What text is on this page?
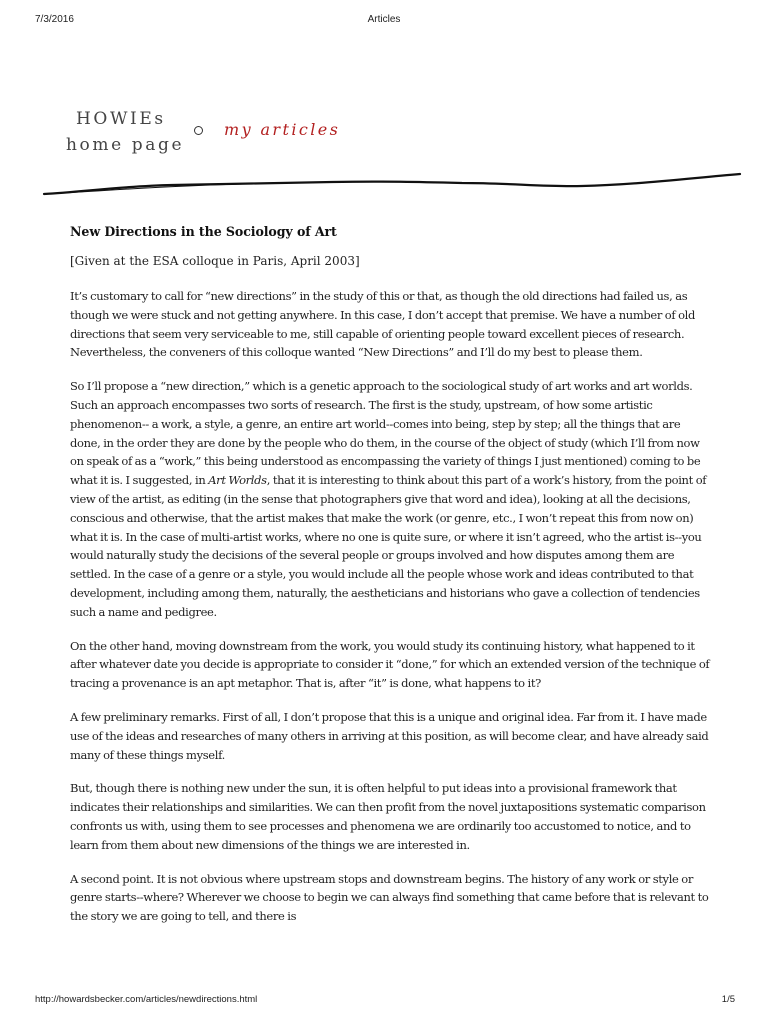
7/3/2016	Articles
HOWIEs
home page
my articles
New Directions in the Sociology of Art
[Given at the ESA colloque in Paris, April 2003]

It’s customary to call for “new directions” in the study of this or that, as though the old directions had failed us, as though we were stuck and not getting anywhere. In this case, I don’t accept that premise. We have a number of old directions that seem very serviceable to me, still capable of orienting people toward excellent pieces of research. Nevertheless, the conveners of this colloque wanted “New Directions” and I’ll do my best to please them.

So I’ll propose a “new direction,” which is a genetic approach to the sociological study of art works and art worlds. Such an approach encompasses two sorts of research. The first is the study, upstream, of how some artistic phenomenon-- a work, a style, a genre, an entire art world--comes into being, step by step; all the things that are done, in the order they are done by the people who do them, in the course of the object of study (which I’ll from now on speak of as a “work,” this being understood as encompassing the variety of things I just mentioned) coming to be what it is. I suggested, in Art Worlds, that it is interesting to think about this part of a work’s history, from the point of view of the artist, as editing (in the sense that photographers give that word and idea), looking at all the decisions, conscious and otherwise, that the artist makes that make the work (or genre, etc., I won’t repeat this from now on) what it is. In the case of multi-artist works, where no one is quite sure, or where it isn’t agreed, who the artist is--you would naturally study the decisions of the several people or groups involved and how disputes among them are settled. In the case of a genre or a style, you would include all the people whose work and ideas contributed to that development, including among them, naturally, the aestheticians and historians who gave a collection of tendencies such a name and pedigree.

On the other hand, moving downstream from the work, you would study its continuing history, what happened to it after whatever date you decide is appropriate to consider it “done,” for which an extended version of the technique of tracing a provenance is an apt metaphor. That is, after “it” is done, what happens to it?

A few preliminary remarks. First of all, I don’t propose that this is a unique and original idea. Far from it. I have made use of the ideas and researches of many others in arriving at this position, as will become clear, and have already said many of these things myself.

But, though there is nothing new under the sun, it is often helpful to put ideas into a provisional framework that indicates their relationships and similarities. We can then profit from the novel juxtapositions systematic comparison confronts us with, using them to see processes and phenomena we are ordinarily too accustomed to notice, and to learn from them about new dimensions of the things we are interested in.

A second point. It is not obvious where upstream stops and downstream begins. The history of any work or style or genre starts--where? Wherever we choose to begin we can always find something that came before that is relevant to the story we are going to tell, and there is

http://howardsbecker.com/articles/newdirections.html	1/5
